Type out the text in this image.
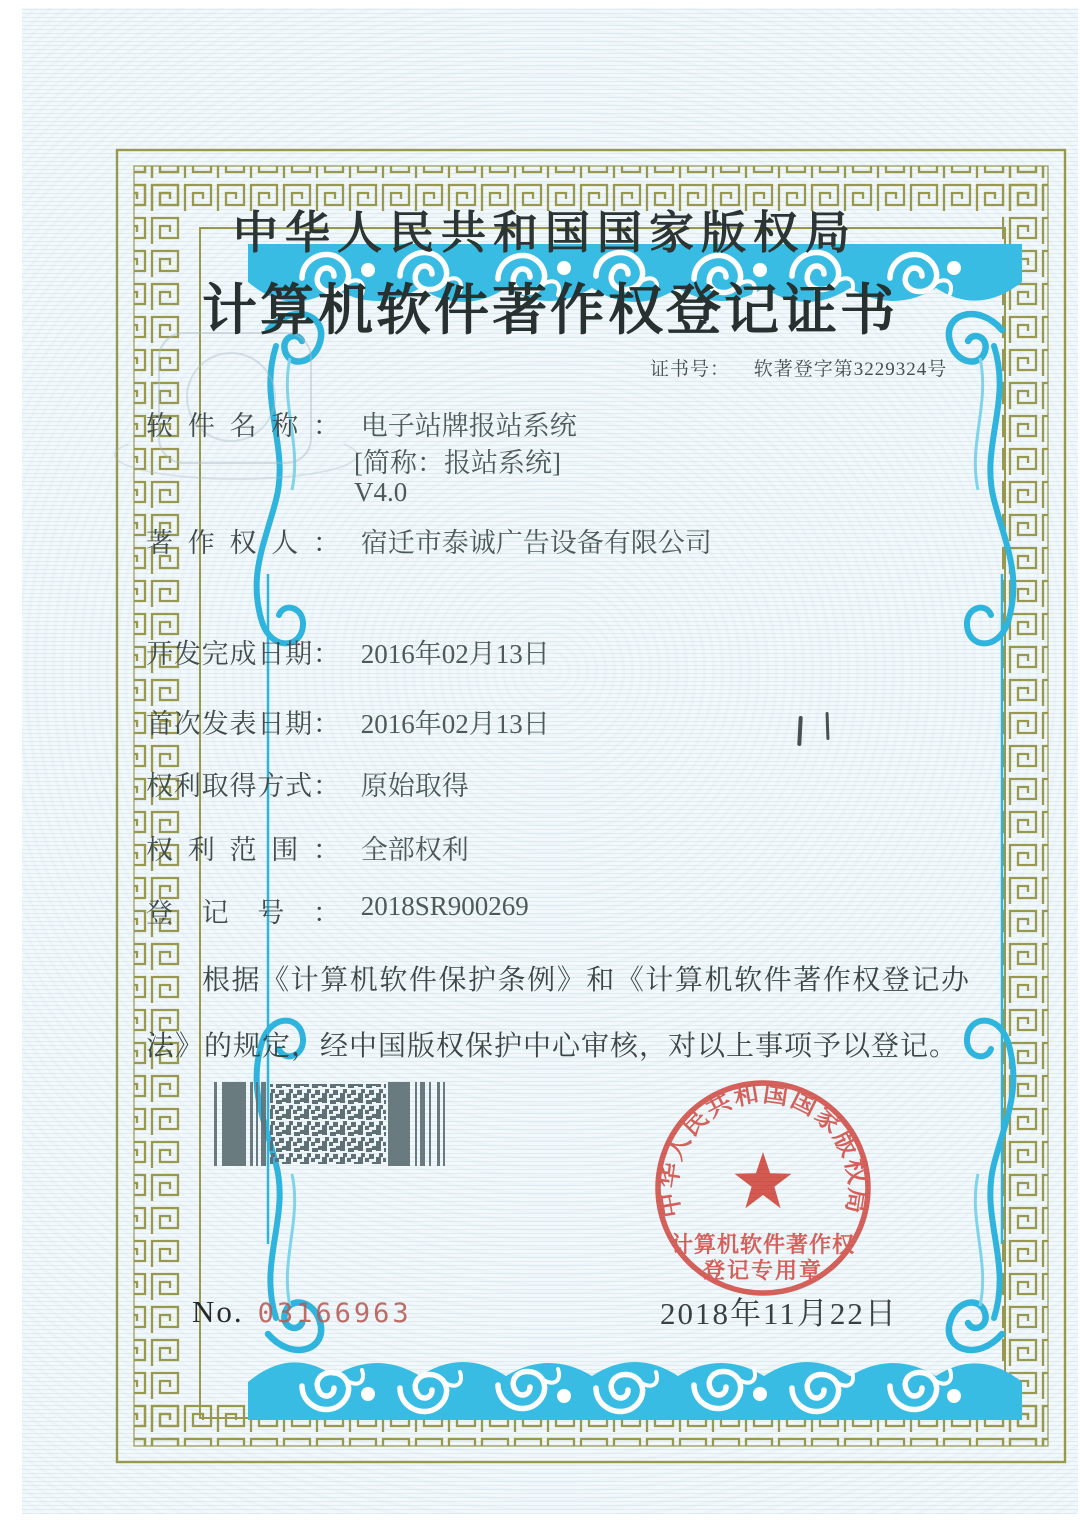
中华人民共和国国家版权局
计算机软件著作权登记证书
证书号： 软著登字第3229324号
软件名称： 电子站牌报站系统
[简称：报站系统]
V4.0
著作权人： 宿迁市泰诚广告设备有限公司
开发完成日期： 2016年02月13日
首次发表日期： 2016年02月13日
权利取得方式： 原始取得
权利范围： 全部权利
登记号： 2018SR900269
根据《计算机软件保护条例》和《计算机软件著作权登记办法》的规定，经中国版权保护中心审核，对以上事项予以登记。
2018年11月22日
No. 03166963
中华人民共和国国家版权局
计算机软件著作权
登记专用章
